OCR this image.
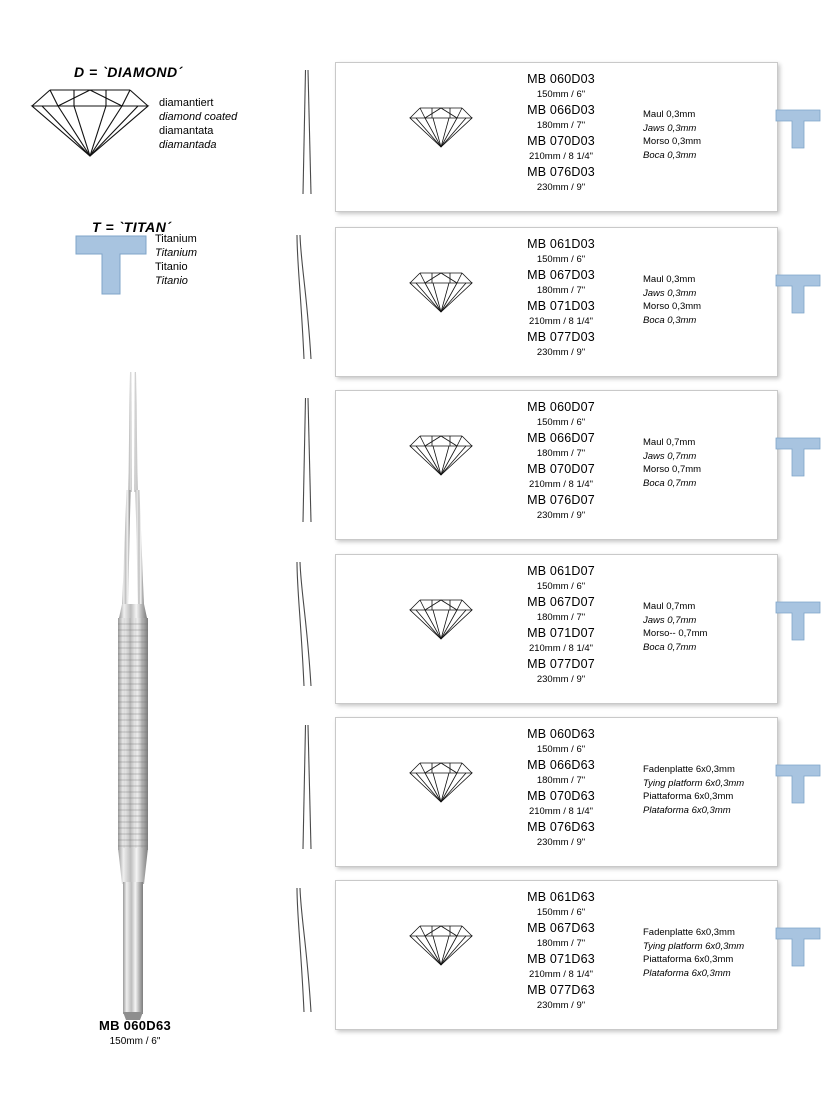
D = `DIAMOND´
diamantiert
diamond coated
diamantata
diamantada
T = `TITAN´
Titanium
Titanium
Titanio
Titanio
MB 060D63
150mm / 6"
MB 060D03
150mm / 6"
MB 066D03
180mm / 7"
MB 070D03
210mm / 8 1/4"
MB 076D03
230mm / 9"
Maul 0,3mm
Jaws 0,3mm
Morso 0,3mm
Boca 0,3mm
MB 061D03
150mm / 6"
MB 067D03
180mm / 7"
MB 071D03
210mm / 8 1/4"
MB 077D03
230mm / 9"
Maul 0,3mm
Jaws 0,3mm
Morso 0,3mm
Boca 0,3mm
MB 060D07
150mm / 6"
MB 066D07
180mm / 7"
MB 070D07
210mm / 8 1/4"
MB 076D07
230mm / 9"
Maul 0,7mm
Jaws 0,7mm
Morso 0,7mm
Boca 0,7mm
MB 061D07
150mm / 6"
MB 067D07
180mm / 7"
MB 071D07
210mm / 8 1/4"
MB 077D07
230mm / 9"
Maul 0,7mm
Jaws 0,7mm
Morso-- 0,7mm
Boca 0,7mm
MB 060D63
150mm / 6"
MB 066D63
180mm / 7"
MB 070D63
210mm / 8 1/4"
MB 076D63
230mm / 9"
Fadenplatte 6x0,3mm
Tying platform 6x0,3mm
Piattaforma 6x0,3mm
Plataforma 6x0,3mm
MB 061D63
150mm / 6"
MB 067D63
180mm / 7"
MB 071D63
210mm / 8 1/4"
MB 077D63
230mm / 9"
Fadenplatte 6x0,3mm
Tying platform 6x0,3mm
Piattaforma 6x0,3mm
Plataforma 6x0,3mm
